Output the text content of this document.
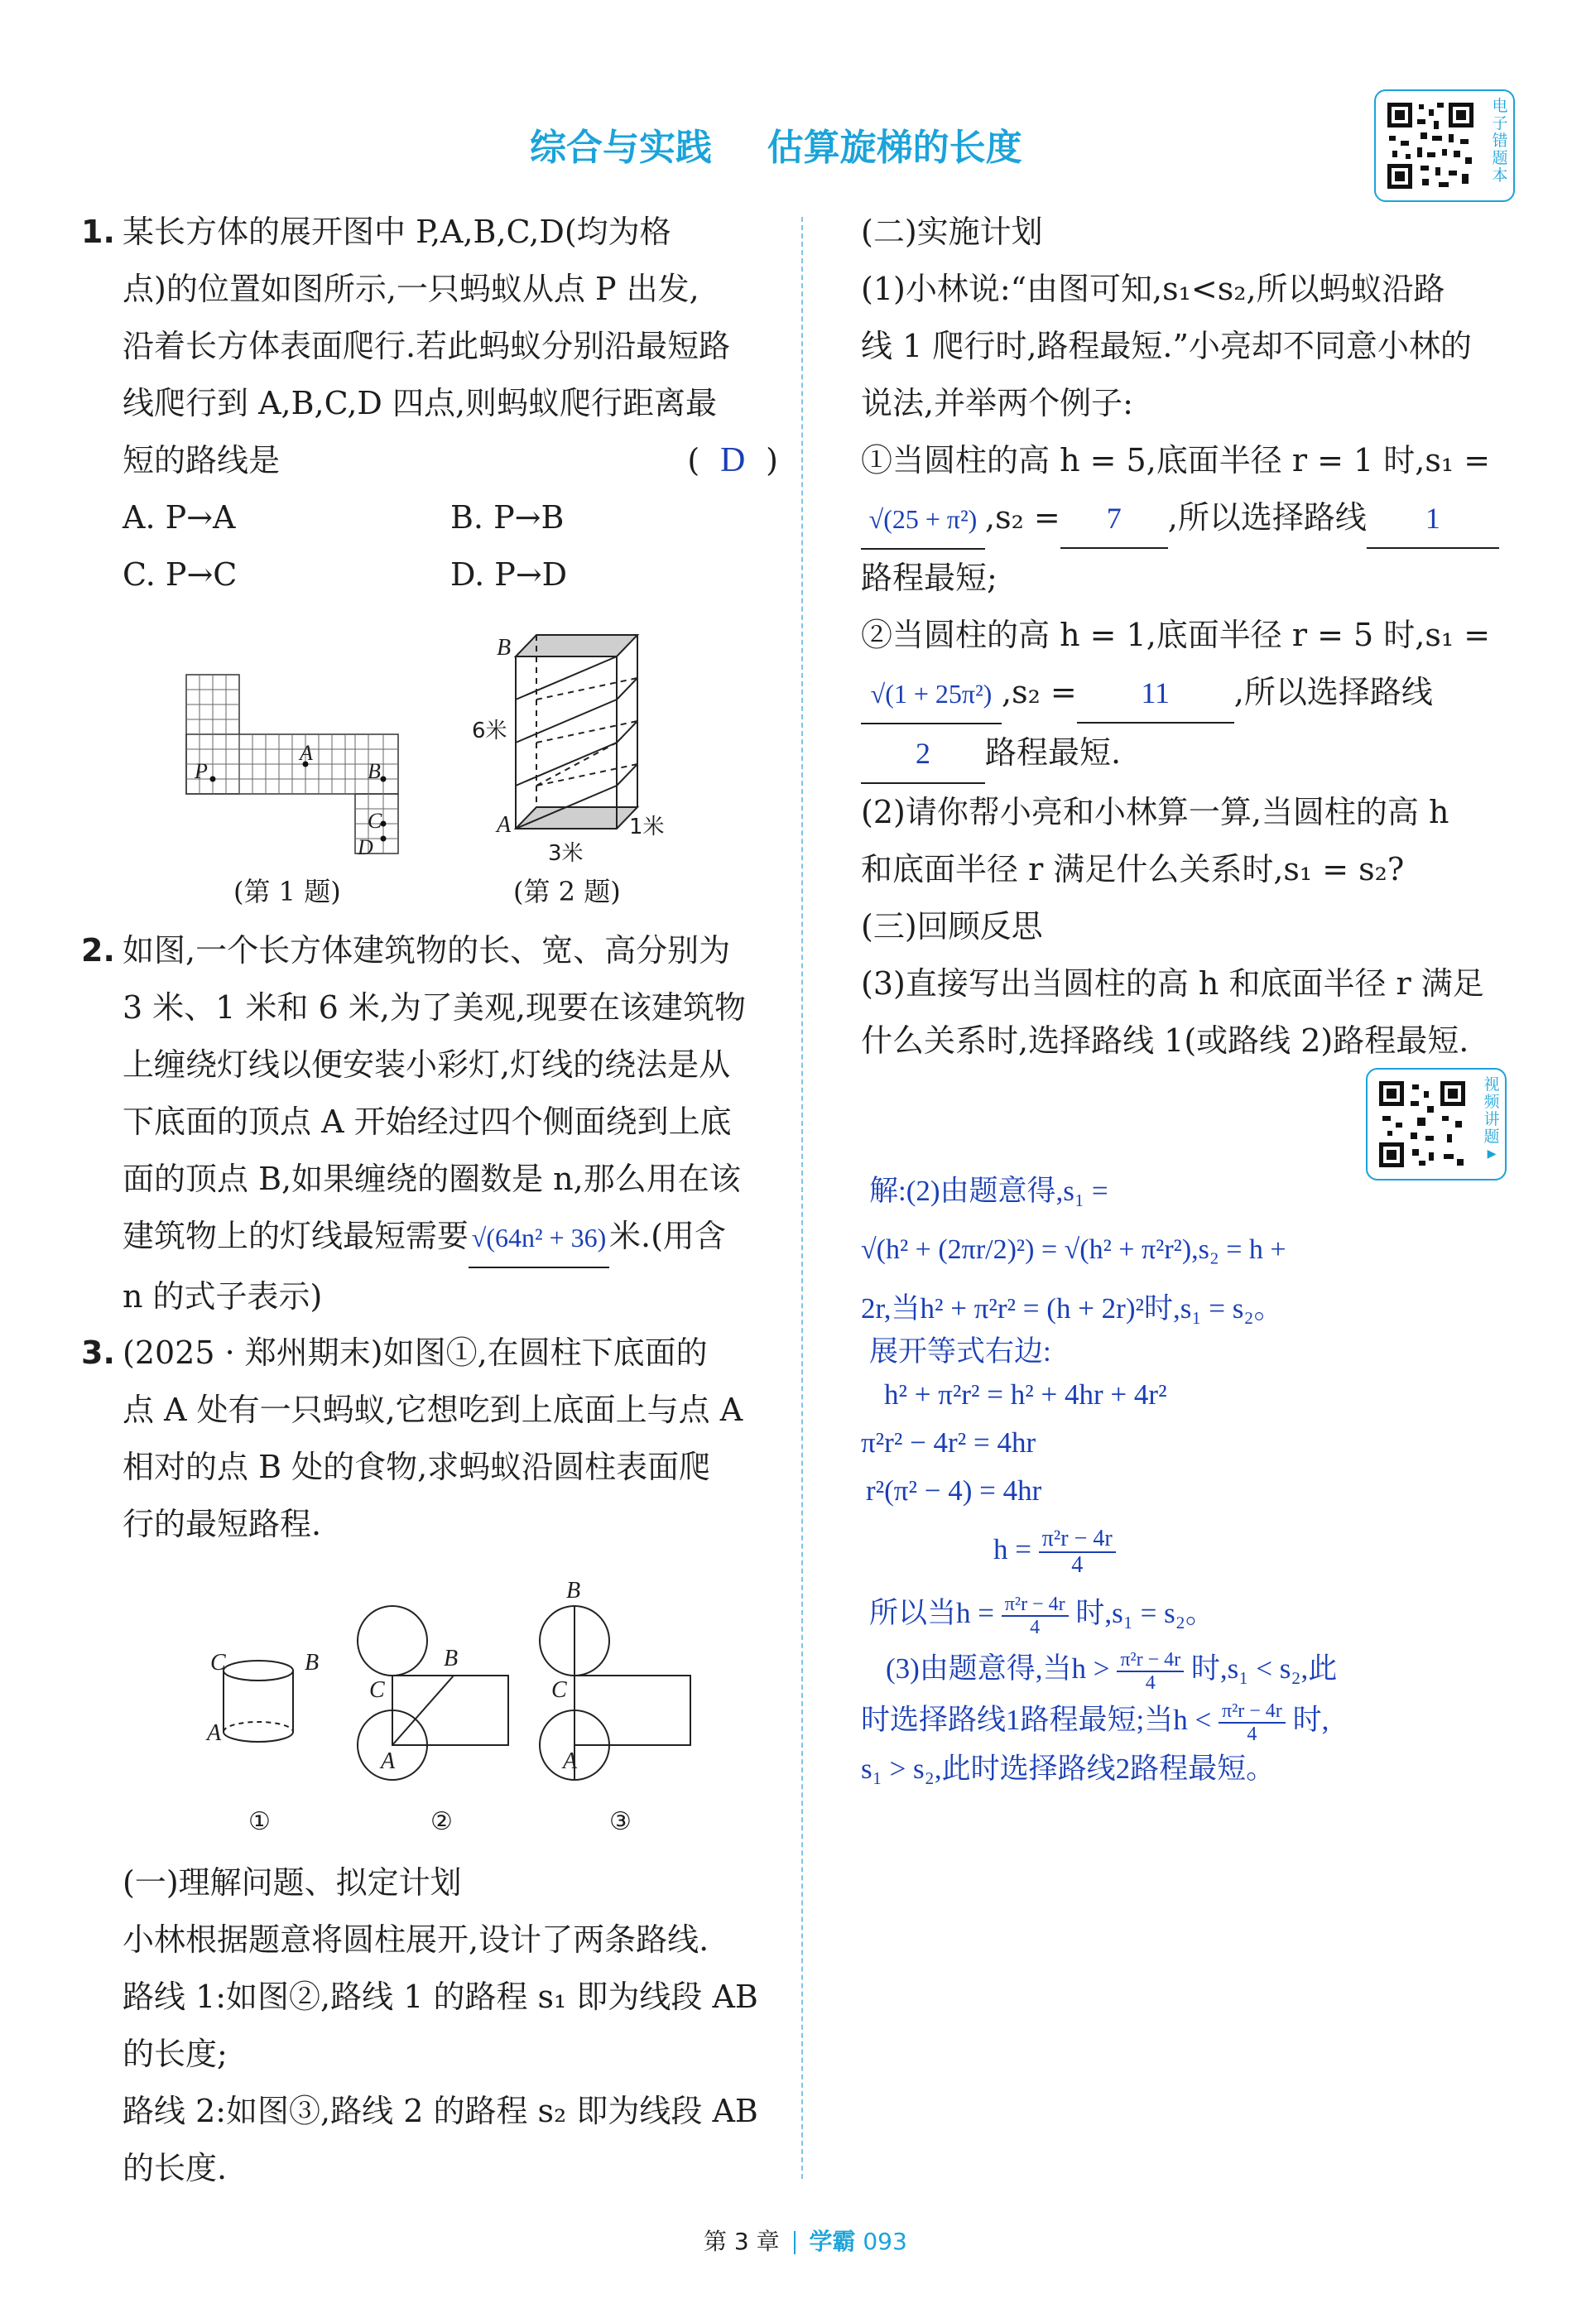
综合与实践 估算旋梯的长度
电子错题本
1. 某长方体的展开图中 P,A,B,C,D(均为格
点)的位置如图所示,一只蚂蚁从点 P 出发,
沿着长方体表面爬行.若此蚂蚁分别沿最短路
线爬行到 A,B,C,D 四点,则蚂蚁爬行距离最
短的路线是	( D )
A. P→A	B. P→B
C. P→C	D. P→D
P
A
B
C
D
(第 1 题)
B
A
6米
3米
1米
(第 2 题)
2. 如图,一个长方体建筑物的长、宽、高分别为
3 米、1 米和 6 米,为了美观,现要在该建筑物
上缠绕灯线以便安装小彩灯,灯线的绕法是从
下底面的顶点 A 开始经过四个侧面绕到上底
面的顶点 B,如果缠绕的圈数是 n,那么用在该
建筑物上的灯线最短需要 √(64n² + 36)米.(用含
n 的式子表示)
3. (2025 · 郑州期末)如图①,在圆柱下底面的
点 A 处有一只蚂蚁,它想吃到上底面上与点 A
相对的点 B 处的食物,求蚂蚁沿圆柱表面爬
行的最短路程.
C	B
A
B
C
A
B
C
A
①	②	③
(一)理解问题、拟定计划
小林根据题意将圆柱展开,设计了两条路线.
路线 1:如图②,路线 1 的路程 s₁ 即为线段 AB
的长度;
路线 2:如图③,路线 2 的路程 s₂ 即为线段 AB
的长度.
(二)实施计划
(1)小林说:“由图可知,s₁<s₂,所以蚂蚁沿路
线 1 爬行时,路程最短.”小亮却不同意小林的
说法,并举两个例子:
①当圆柱的高 h = 5,底面半径 r = 1 时,s₁ =
√(25 + π²) ,s₂ = 7 ,所以选择路线 1
路程最短;
②当圆柱的高 h = 1,底面半径 r = 5 时,s₁ =
√(1 + 25π²) ,s₂ = 11 ,所以选择路线
2 路程最短.
(2)请你帮小亮和小林算一算,当圆柱的高 h
和底面半径 r 满足什么关系时,s₁ = s₂?
(三)回顾反思
(3)直接写出当圆柱的高 h 和底面半径 r 满足
什么关系时,选择路线 1(或路线 2)路程最短.
视频讲题
▶
解:(2)由题意得,s₁ =
√(h² + (2πr/2)²) = √(h² + π²r²),s₂ = h +
2r,当h² + π²r² = (h + 2r)²时,s₁ = s₂。
展开等式右边:
h² + π²r² = h² + 4hr + 4r²
π²r² − 4r² = 4hr
r²(π² − 4) = 4hr
$h = \frac{\text{π²r − 4r}}{4}$
所以当$h = \frac{\text{π²r − 4r}}{4}$ 时,s₁ = s₂。
(3)由题意得,当$h > \frac{\text{π²r − 4r}}{4}$ 时,s₁ < s₂,此
时选择路线1路程最短;当$h < \frac{\text{π²r − 4r}}{4}$ 时,
s₁ > s₂,此时选择路线2路程最短。
第 3 章 学霸 093
